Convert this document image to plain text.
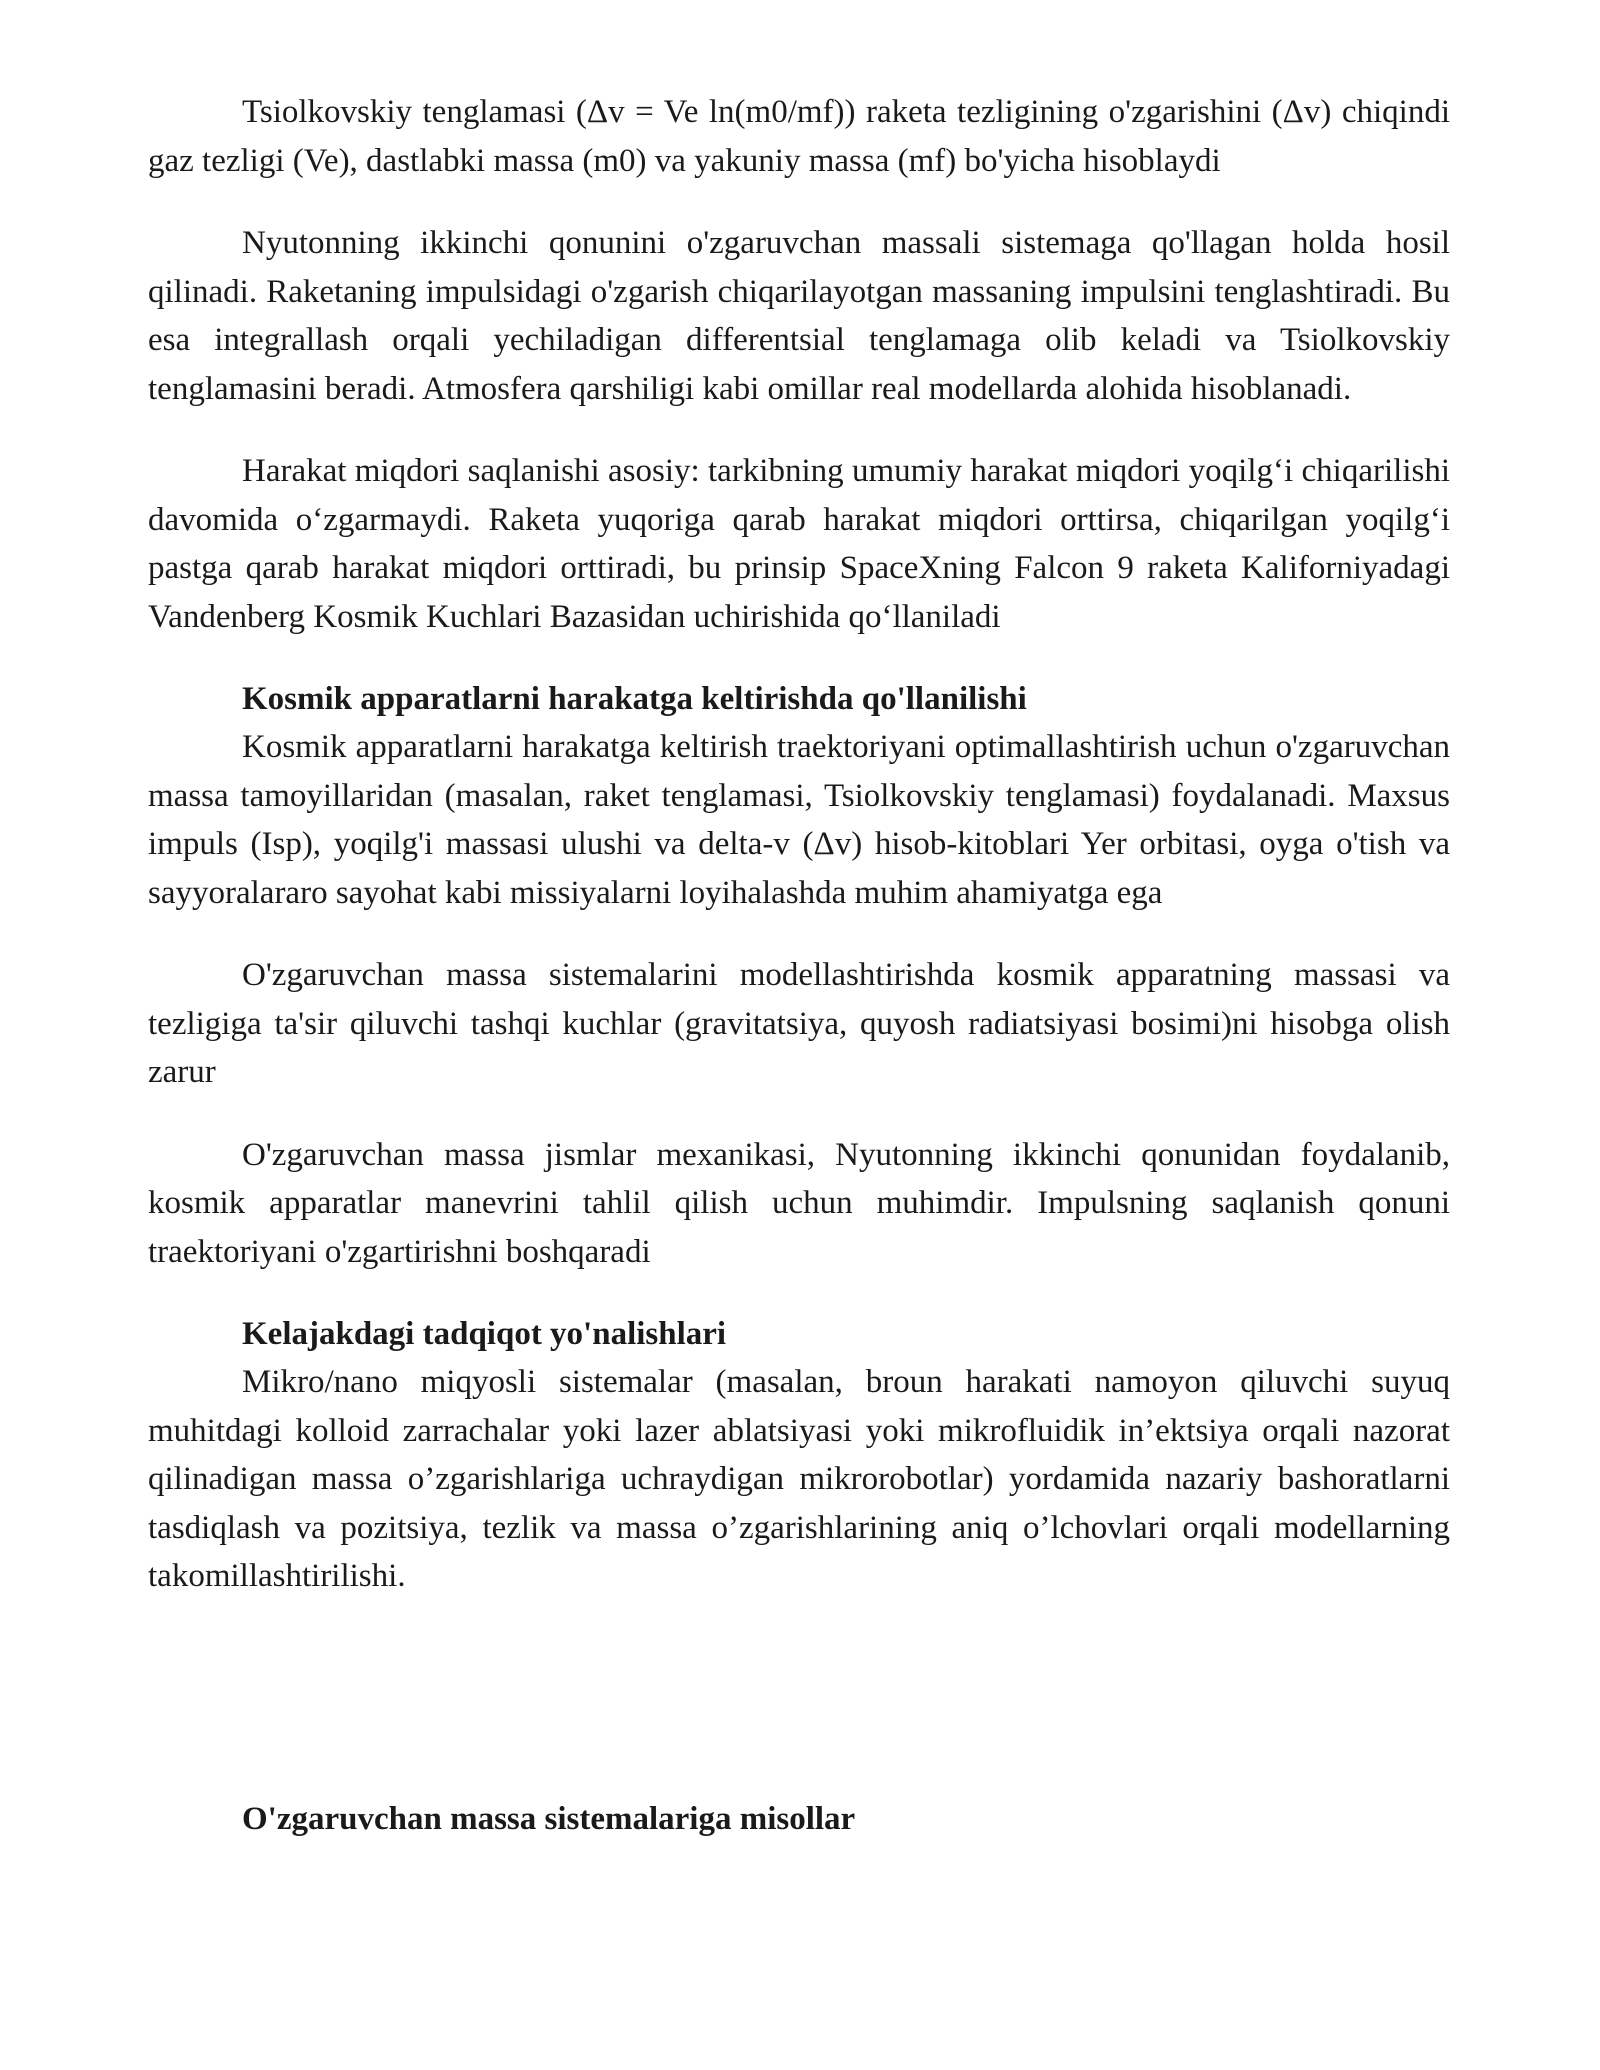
Tsiolkovskiy tenglamasi (Δv = Ve ln(m0/mf)) raketa tezligining o'zgarishini (Δv) chiqindi gaz tezligi (Ve), dastlabki massa (m0) va yakuniy massa (mf) bo'yicha hisoblaydi

Nyutonning ikkinchi qonunini o'zgaruvchan massali sistemaga qo'llagan holda hosil qilinadi. Raketaning impulsidagi o'zgarish chiqarilayotgan massaning impulsini tenglashtiradi. Bu esa integrallash orqali yechiladigan differentsial tenglamaga olib keladi va Tsiolkovskiy tenglamasini beradi. Atmosfera qarshiligi kabi omillar real modellarda alohida hisoblanadi.

Harakat miqdori saqlanishi asosiy: tarkibning umumiy harakat miqdori yoqilg‘i chiqarilishi davomida o‘zgarmaydi. Raketa yuqoriga qarab harakat miqdori orttirsa, chiqarilgan yoqilg‘i pastga qarab harakat miqdori orttiradi, bu prinsip SpaceXning Falcon 9 raketa Kaliforniyadagi Vandenberg Kosmik Kuchlari Bazasidan uchirishida qo‘llaniladi

Kosmik apparatlarni harakatga keltirishda qo'llanilishi

Kosmik apparatlarni harakatga keltirish traektoriyani optimallashtirish uchun o'zgaruvchan massa tamoyillaridan (masalan, raket tenglamasi, Tsiolkovskiy tenglamasi) foydalanadi. Maxsus impuls (Isp), yoqilg'i massasi ulushi va delta-v (Δv) hisob-kitoblari Yer orbitasi, oyga o'tish va sayyoralararo sayohat kabi missiyalarni loyihalashda muhim ahamiyatga ega

O'zgaruvchan massa sistemalarini modellashtirishda kosmik apparatning massasi va tezligiga ta'sir qiluvchi tashqi kuchlar (gravitatsiya, quyosh radiatsiyasi bosimi)ni hisobga olish zarur

O'zgaruvchan massa jismlar mexanikasi, Nyutonning ikkinchi qonunidan foydalanib, kosmik apparatlar manevrini tahlil qilish uchun muhimdir. Impulsning saqlanish qonuni traektoriyani o'zgartirishni boshqaradi

Kelajakdagi tadqiqot yo'nalishlari

Mikro/nano miqyosli sistemalar (masalan, broun harakati namoyon qiluvchi suyuq muhitdagi kolloid zarrachalar yoki lazer ablatsiyasi yoki mikrofluidik in’ektsiya orqali nazorat qilinadigan massa o’zgarishlariga uchraydigan mikrorobotlar) yordamida nazariy bashoratlarni tasdiqlash va pozitsiya, tezlik va massa o’zgarishlarining aniq o’lchovlari orqali modellarning takomillashtirilishi.

O'zgaruvchan massa sistemalariga misollar
